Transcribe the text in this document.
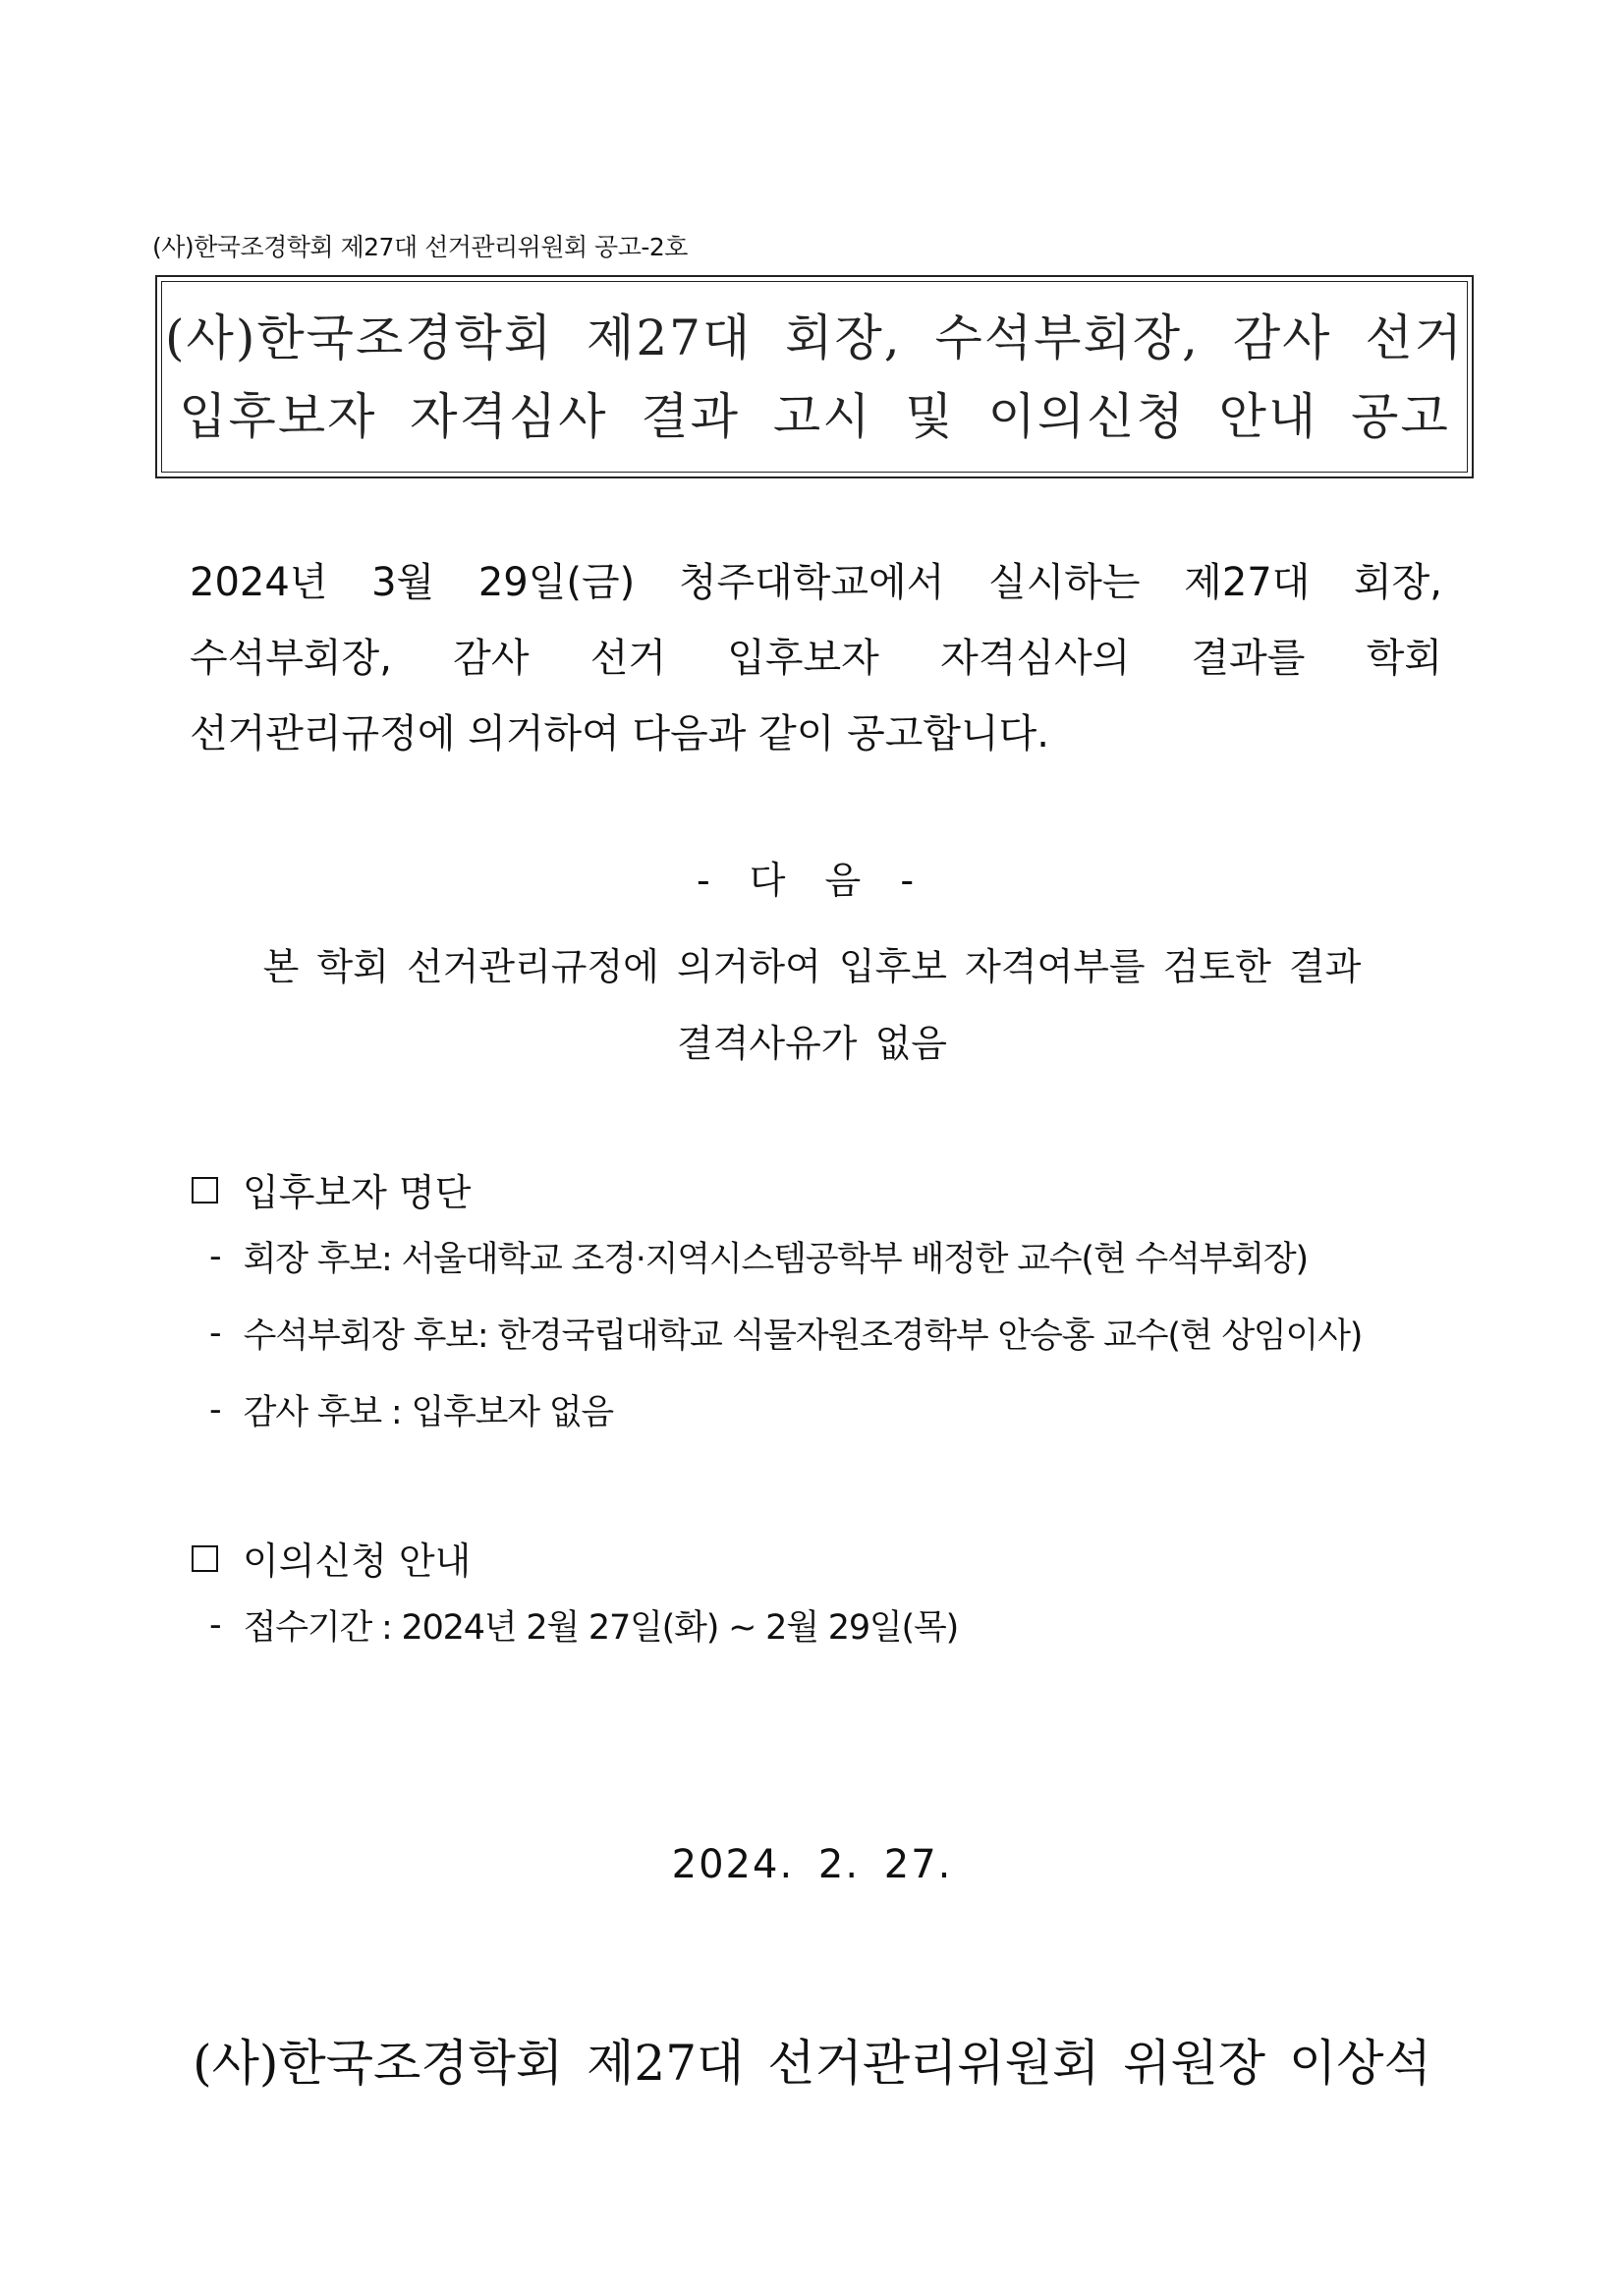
(사)한국조경학회 제27대 선거관리위원회 공고-2호
(사)한국조경학회 제27대 회장, 수석부회장, 감사 선거
입후보자 자격심사 결과 고시 및 이의신청 안내 공고
2024년 3월 29일(금) 청주대학교에서 실시하는 제27대 회장,
수석부회장, 감사 선거 입후보자 자격심사의 결과를 학회
선거관리규정에 의거하여 다음과 같이 공고합니다.
- 다 음 -
본 학회 선거관리규정에 의거하여 입후보 자격여부를 검토한 결과
결격사유가 없음
입후보자 명단
- 회장 후보: 서울대학교 조경·지역시스템공학부 배정한 교수(현 수석부회장)
- 수석부회장 후보: 한경국립대학교 식물자원조경학부 안승홍 교수(현 상임이사)
- 감사 후보 : 입후보자 없음
이의신청 안내
- 접수기간 : 2024년 2월 27일(화) ~ 2월 29일(목)
2024. 2. 27.
(사)한국조경학회 제27대 선거관리위원회 위원장 이상석
